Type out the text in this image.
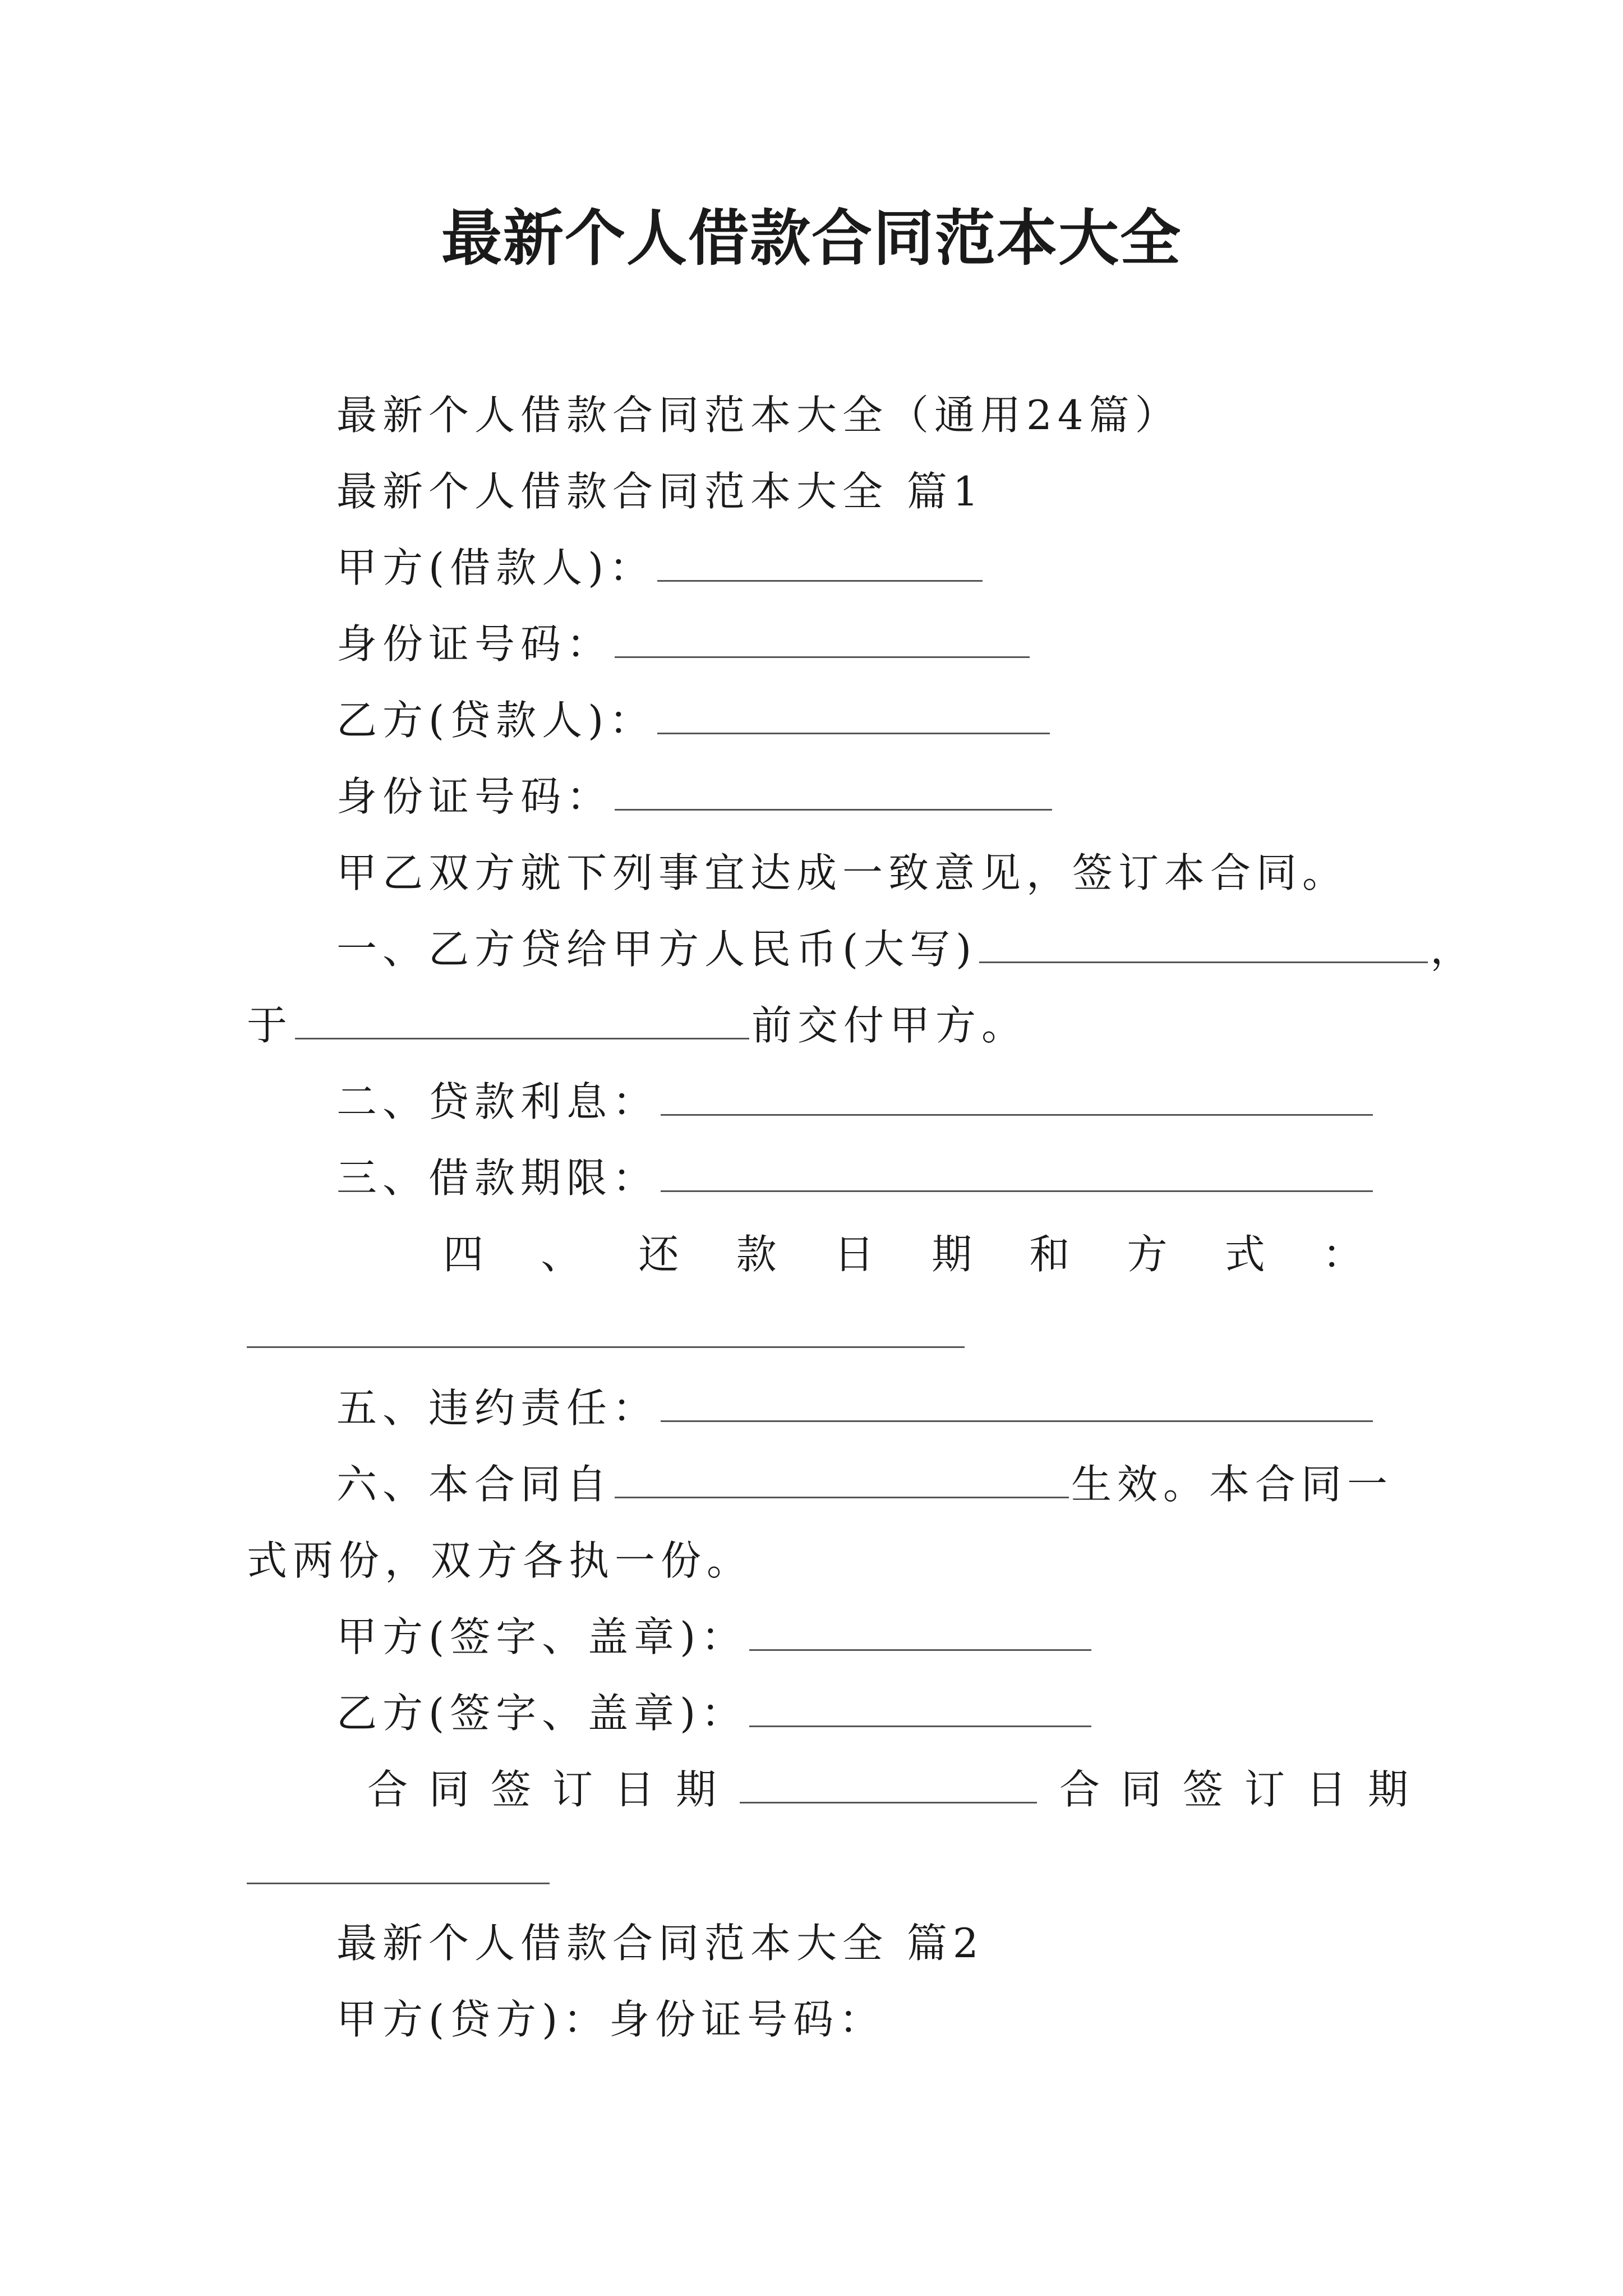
最新个人借款合同范本大全
最新个人借款合同范本大全（通用24篇）
最新个人借款合同范本大全 篇1
甲方(借款人)：
身份证号码：
乙方(贷款人)：
身份证号码：
甲乙双方就下列事宜达成一致意见，签订本合同。
一、乙方贷给甲方人民币(大写)	，
于	前交付甲方。
二、贷款利息：
三、借款期限：
四 、 还 款 日 期 和 方 式 ：
五、违约责任：
六、本合同自	生效。本合同一
式两份，双方各执一份。
甲方(签字、盖章)：
乙方(签字、盖章)：
合同签订日期	合同签订日期
最新个人借款合同范本大全 篇2
甲方(贷方)：身份证号码：
